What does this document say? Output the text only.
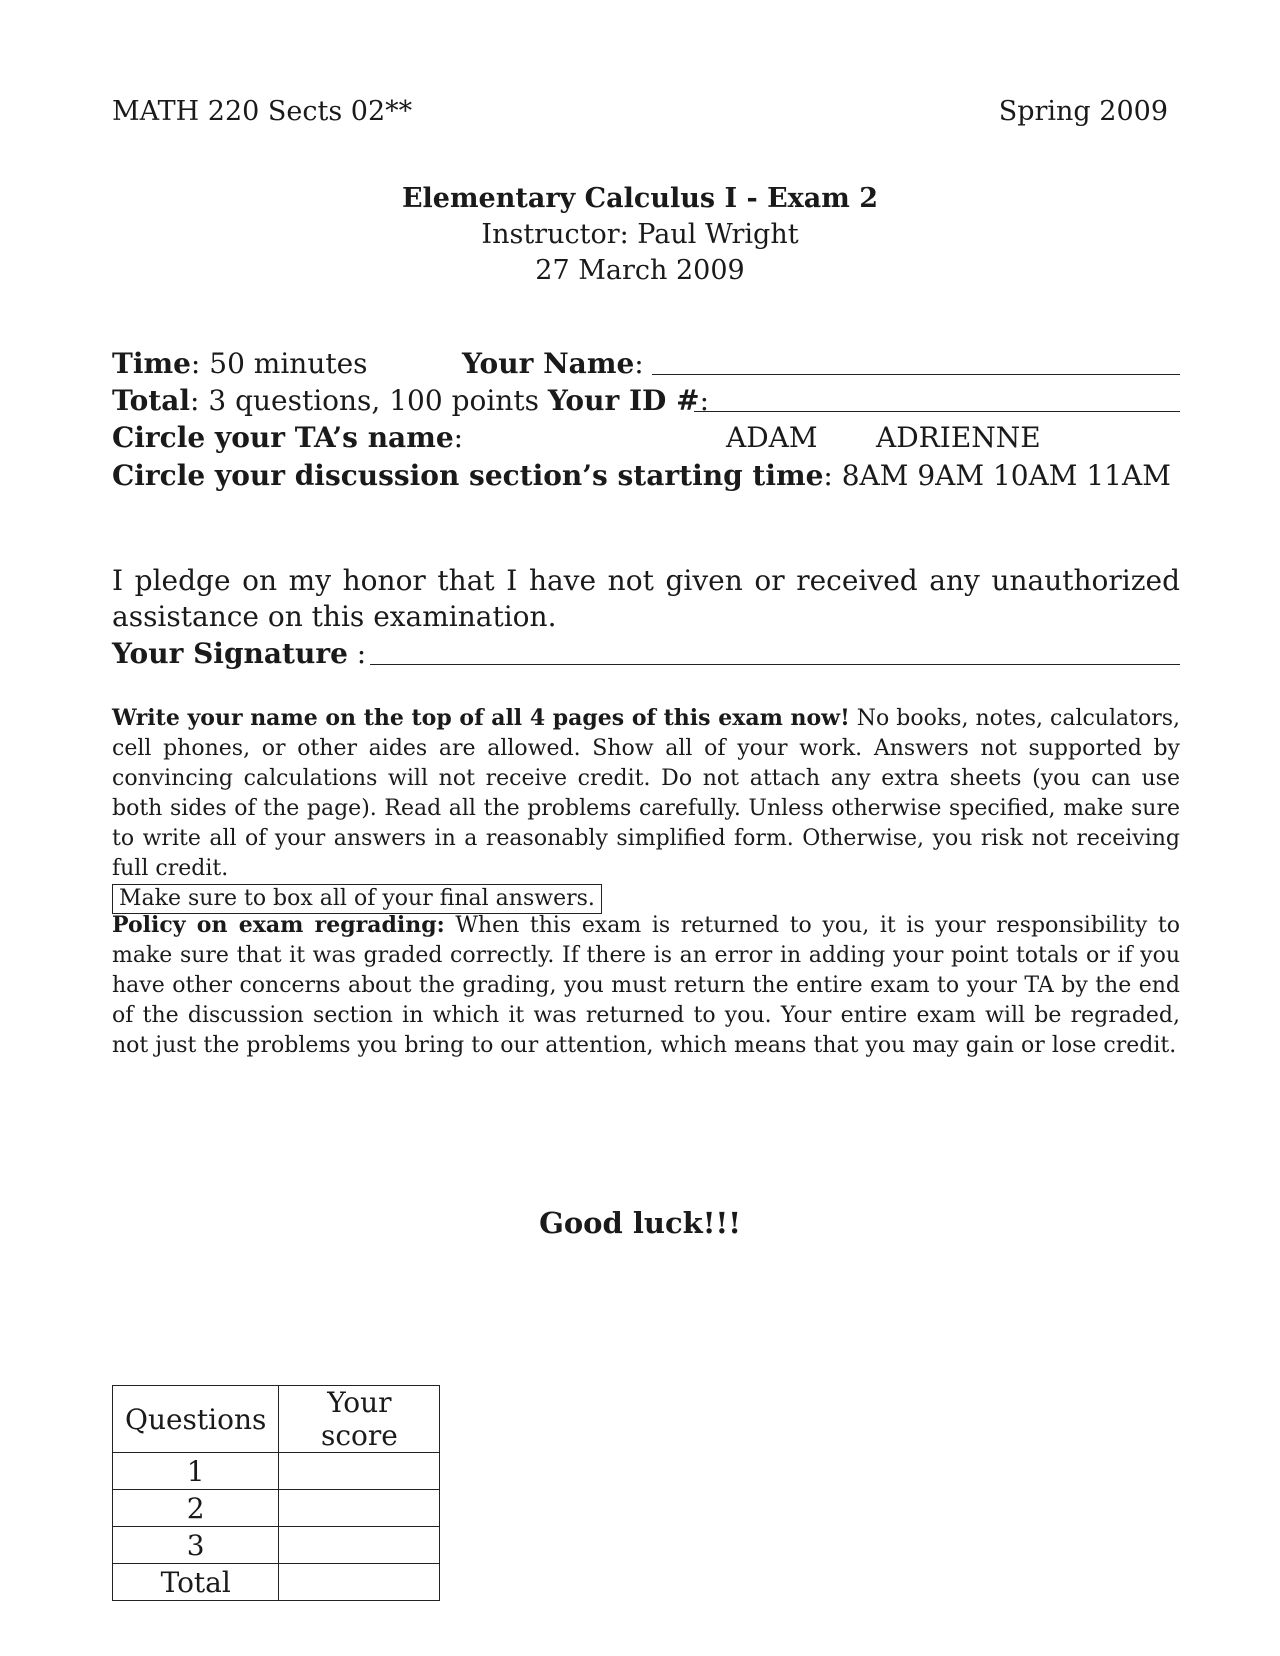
MATH 220 Sects 02**	Spring 2009
Elementary Calculus I - Exam 2
Instructor: Paul Wright
27 March 2009
Time: 50 minutes	Your Name:
Total: 3 questions, 100 points Your ID #:
Circle your TA’s name:	ADAM ADRIENNE
Circle your discussion section’s starting time: 8AM 9AM 10AM 11AM
I pledge on my honor that I have not given or received any unauthorized assistance on this examination.
Your Signature :
Write your name on the top of all 4 pages of this exam now! No books, notes, calculators, cell phones, or other aides are allowed. Show all of your work. Answers not supported by convincing calculations will not receive credit. Do not attach any extra sheets (you can use both sides of the page). Read all the problems carefully. Unless otherwise specified, make sure to write all of your answers in a reasonably simplified form. Otherwise, you risk not receiving full credit.
Make sure to box all of your final answers.
Policy on exam regrading: When this exam is returned to you, it is your responsibility to make sure that it was graded correctly. If there is an error in adding your point totals or if you have other concerns about the grading, you must return the entire exam to your TA by the end of the discussion section in which it was returned to you. Your entire exam will be regraded, not just the problems you bring to our attention, which means that you may gain or lose credit.
Good luck!!!
Questions	Your score
1	
2	
3	
Total	
